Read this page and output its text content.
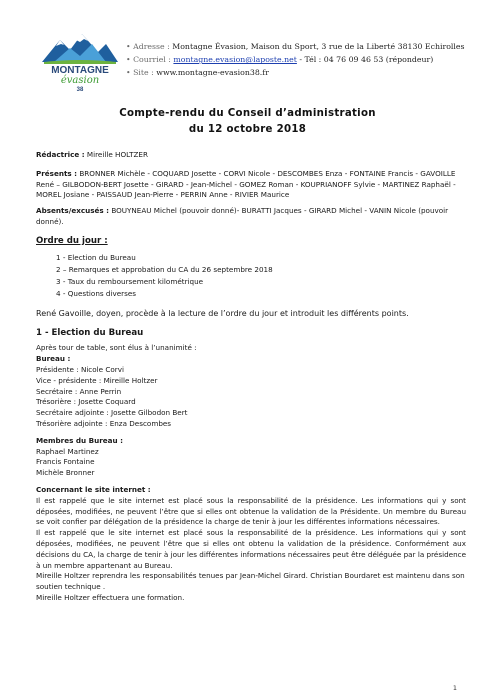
MONTAGNE
évasion
38
• Adresse : Montagne Évasion, Maison du Sport, 3 rue de la Liberté 38130 Echirolles
• Courriel : montagne.evasion@laposte.net - Tél : 04 76 09 46 53 (répondeur)
• Site : www.montagne-evasion38.fr
Compte-rendu du Conseil d’administration
du 12 octobre 2018
Rédactrice : Mireille HOLTZER
Présents : BRONNER Michèle - COQUARD Josette - CORVI Nicole - DESCOMBES Enza - FONTAINE Francis - GAVOILLE René – GILBODON-BERT Josette - GIRARD - Jean-Michel - GOMEZ Roman - KOUPRIANOFF Sylvie - MARTINEZ Raphaël - MOREL Josiane - PAISSAUD Jean-Pierre - PERRIN Anne - RIVIER Maurice
Absents/excusés : BOUYNEAU Michel (pouvoir donné)- BURATTI Jacques - GIRARD Michel - VANIN Nicole (pouvoir donné).
Ordre du jour :
1 - Election du Bureau
2 – Remarques et approbation du CA du 26 septembre 2018
3 - Taux du remboursement kilométrique
4 - Questions diverses
René Gavoille, doyen, procède à la lecture de l’ordre du jour et introduit les différents points.
1 - Election du Bureau
Après tour de table, sont élus à l’unanimité :
Bureau :
Présidente : Nicole Corvi
Vice - présidente : Mireille Holtzer
Secrétaire : Anne Perrin
Trésorière : Josette Coquard
Secrétaire adjointe : Josette Gilbodon Bert
Trésorière adjointe : Enza Descombes
Membres du Bureau :
Raphael Martinez
Francis Fontaine
Michèle Bronner
Concernant le site internet :
Il est rappelé que le site internet est placé sous la responsabilité de la présidence. Les informations qui y sont déposées, modifiées, ne peuvent l’être que si elles ont obtenue la validation de la Présidente. Un membre du Bureau se voit confier par délégation de la présidence la charge de tenir à jour les différentes informations nécessaires.
Il est rappelé que le site internet est placé sous la responsabilité de la présidence. Les informations qui y sont déposées, modifiées, ne peuvent l’être que si elles ont obtenu la validation de la présidence. Conformément aux décisions du CA, la charge de tenir à jour les différentes informations nécessaires peut être déléguée par la présidence à un membre appartenant au Bureau.
Mireille Holtzer reprendra les responsabilités tenues par Jean-Michel Girard. Christian Bourdaret est maintenu dans son soutien technique .
Mireille Holtzer effectuera une formation.
1
